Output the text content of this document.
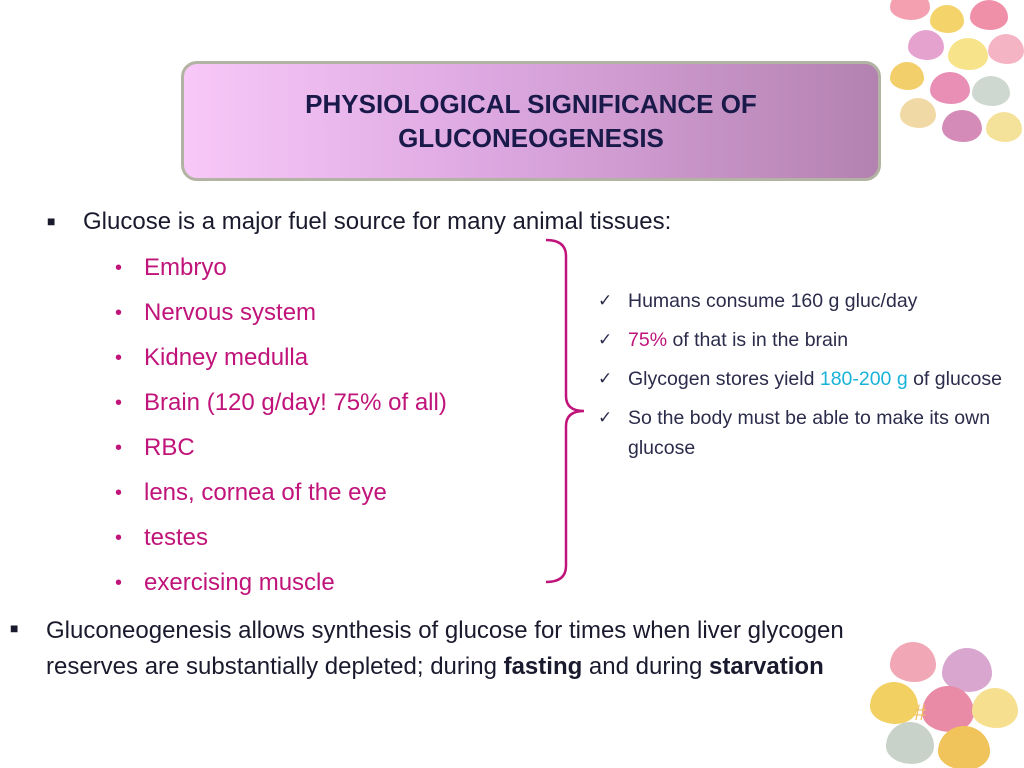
PHYSIOLOGICAL SIGNIFICANCE OF
GLUCONEOGENESIS
■ Glucose is a major fuel source for many animal tissues:
• Embryo
• Nervous system
• Kidney medulla
• Brain (120 g/day! 75% of all)
• RBC
• lens, cornea of the eye
• testes
• exercising muscle
✓ Humans consume 160 g gluc/day
✓ 75% of that is in the brain
✓ Glycogen stores yield 180-200 g of glucose
✓ So the body must be able to make its own glucose
■ Gluconeogenesis allows synthesis of glucose for times when liver glycogen reserves are substantially depleted; during fasting and during starvation
#
